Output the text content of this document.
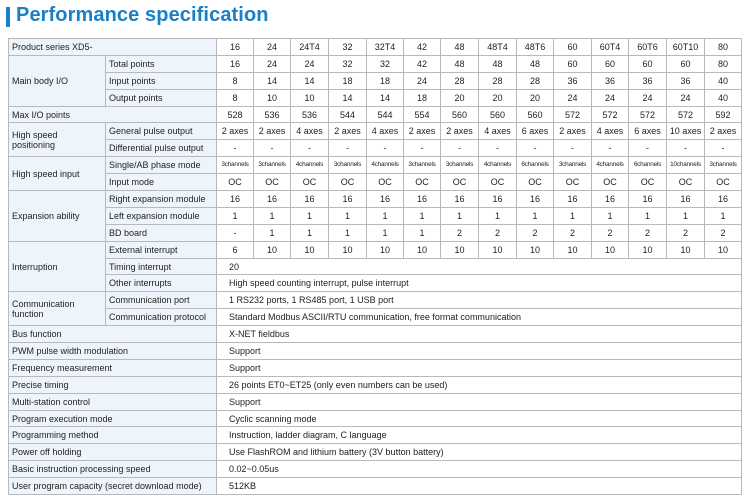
Performance specification
Product series XD5-		16	24	24T4	32	32T4	42	48	48T4	48T6	60	60T4	60T6	60T10	80
Main body I/O	Total points	16	24	24	32	32	42	48	48	48	60	60	60	60	80
	Input points	8	14	14	18	18	24	28	28	28	36	36	36	36	40
	Output points	8	10	10	14	14	18	20	20	20	24	24	24	24	40
Max I/O points		528	536	536	544	544	554	560	560	560	572	572	572	572	592
High speed positioning	General pulse output	2 axes	2 axes	4 axes	2 axes	4 axes	2 axes	2 axes	4 axes	6 axes	2 axes	4 axes	6 axes	10 axes	2 axes
	Differential pulse output	-	-	-	-	-	-	-	-	-	-	-	-	-	-
High speed input	Single/AB phase mode	3channels	3channels	4channels	3channels	4channels	3channels	3channels	4channels	6channels	3channels	4channels	6channels	10channels	3channels
	Input mode	OC	OC	OC	OC	OC	OC	OC	OC	OC	OC	OC	OC	OC	OC
Expansion ability	Right expansion module	16	16	16	16	16	16	16	16	16	16	16	16	16	16
	Left expansion module	1	1	1	1	1	1	1	1	1	1	1	1	1	1
	BD board	-	1	1	1	1	1	2	2	2	2	2	2	2	2
Interruption	External interrupt	6	10	10	10	10	10	10	10	10	10	10	10	10	10
	Timing interrupt	20													
	Other interrupts	High speed counting interrupt, pulse interrupt													
Communication function	Communication port	1 RS232 ports, 1 RS485 port, 1 USB port													
	Communication protocol	Standard Modbus ASCII/RTU communication, free format communication													
Bus function		X-NET fieldbus													
PWM pulse width modulation		Support													
Frequency measurement		Support													
Precise timing		26 points ET0~ET25 (only even numbers can be used)													
Multi-station control		Support													
Program execution mode		Cyclic scanning mode													
Programming method		Instruction, ladder diagram, C language													
Power off holding		Use FlashROM and lithium battery (3V button battery)													
Basic instruction processing speed		0.02~0.05us													
User program capacity (secret download mode)		512KB													
